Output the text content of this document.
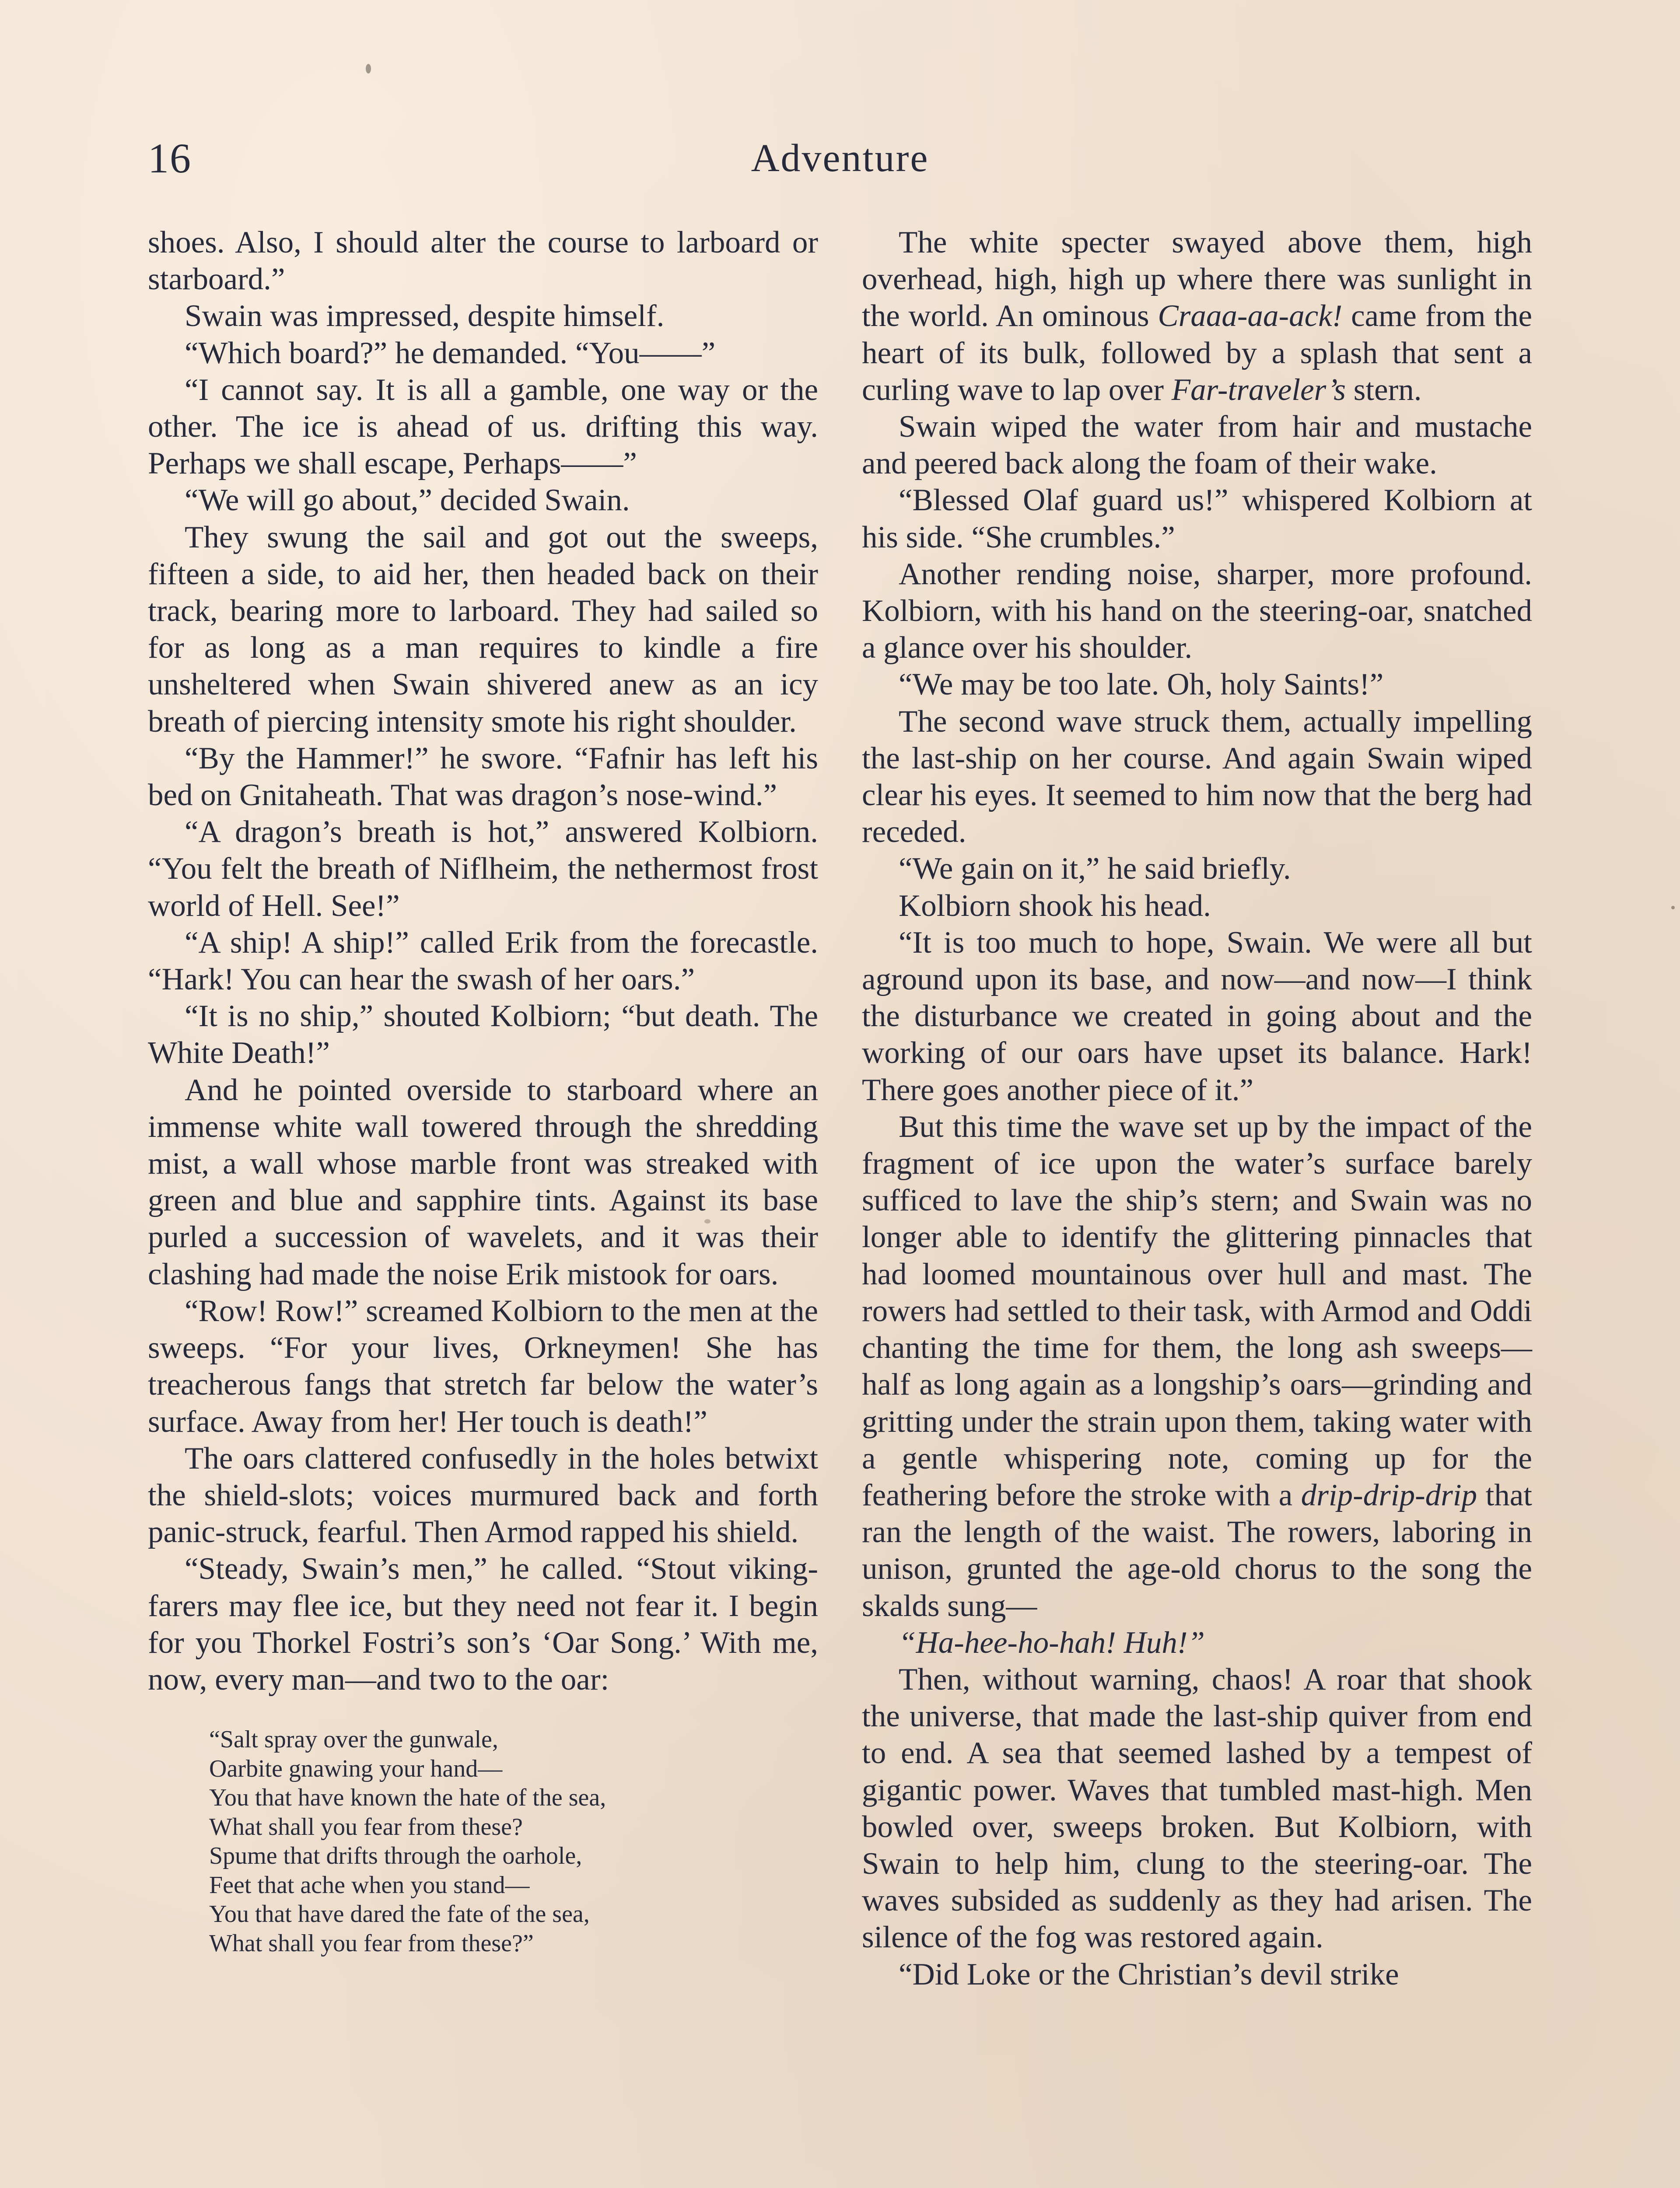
16	Adventure

shoes. Also, I should alter the course to larboard or starboard.”

Swain was impressed, despite himself.

“Which board?” he demanded. “You——”

“I cannot say. It is all a gamble, one way or the other. The ice is ahead of us. drifting this way. Perhaps we shall escape, Perhaps——”

“We will go about,” decided Swain.

They swung the sail and got out the sweeps, fifteen a side, to aid her, then headed back on their track, bearing more to larboard. They had sailed so for as long as a man requires to kindle a fire unsheltered when Swain shivered anew as an icy breath of piercing intensity smote his right shoulder.

“By the Hammer!” he swore. “Fafnir has left his bed on Gnitaheath. That was dragon’s nose-wind.”

“A dragon’s breath is hot,” answered Kolbiorn. “You felt the breath of Niflheim, the nethermost frost world of Hell. See!”

“A ship! A ship!” called Erik from the forecastle. “Hark! You can hear the swash of her oars.”

“It is no ship,” shouted Kolbiorn; “but death. The White Death!”

And he pointed overside to starboard where an immense white wall towered through the shredding mist, a wall whose marble front was streaked with green and blue and sapphire tints. Against its base purled a succession of wavelets, and it was their clashing had made the noise Erik mistook for oars.

“Row! Row!” screamed Kolbiorn to the men at the sweeps. “For your lives, Orkneymen! She has treacherous fangs that stretch far below the water’s surface. Away from her! Her touch is death!”

The oars clattered confusedly in the holes betwixt the shield-slots; voices murmured back and forth panic-struck, fearful. Then Armod rapped his shield.

“Steady, Swain’s men,” he called. “Stout viking-farers may flee ice, but they need not fear it. I begin for you Thorkel Fostri’s son’s ‘Oar Song.’ With me, now, every man—and two to the oar:

“Salt spray over the gunwale,
Oarbite gnawing your hand—
You that have known the hate of the sea,
What shall you fear from these?
Spume that drifts through the oarhole,
Feet that ache when you stand—
You that have dared the fate of the sea,
What shall you fear from these?”

The white specter swayed above them, high overhead, high, high up where there was sunlight in the world. An ominous Craaa-aa-ack! came from the heart of its bulk, followed by a splash that sent a curling wave to lap over Far-traveler’s stern.

Swain wiped the water from hair and mustache and peered back along the foam of their wake.

“Blessed Olaf guard us!” whispered Kolbiorn at his side. “She crumbles.”

Another rending noise, sharper, more profound. Kolbiorn, with his hand on the steering-oar, snatched a glance over his shoulder.

“We may be too late. Oh, holy Saints!”

The second wave struck them, actually impelling the last-ship on her course. And again Swain wiped clear his eyes. It seemed to him now that the berg had receded.

“We gain on it,” he said briefly.

Kolbiorn shook his head.

“It is too much to hope, Swain. We were all but aground upon its base, and now—and now—I think the disturbance we created in going about and the working of our oars have upset its balance. Hark! There goes another piece of it.”

But this time the wave set up by the impact of the fragment of ice upon the water’s surface barely sufficed to lave the ship’s stern; and Swain was no longer able to identify the glittering pinnacles that had loomed mountainous over hull and mast. The rowers had settled to their task, with Armod and Oddi chanting the time for them, the long ash sweeps—half as long again as a longship’s oars—grinding and gritting under the strain upon them, taking water with a gentle whispering note, coming up for the feathering before the stroke with a drip-drip-drip that ran the length of the waist. The rowers, laboring in unison, grunted the age-old chorus to the song the skalds sung—

“Ha-hee-ho-hah! Huh!”

Then, without warning, chaos! A roar that shook the universe, that made the last-ship quiver from end to end. A sea that seemed lashed by a tempest of gigantic power. Waves that tumbled mast-high. Men bowled over, sweeps broken. But Kolbiorn, with Swain to help him, clung to the steering-oar. The waves subsided as suddenly as they had arisen. The silence of the fog was restored again.

“Did Loke or the Christian’s devil strike
